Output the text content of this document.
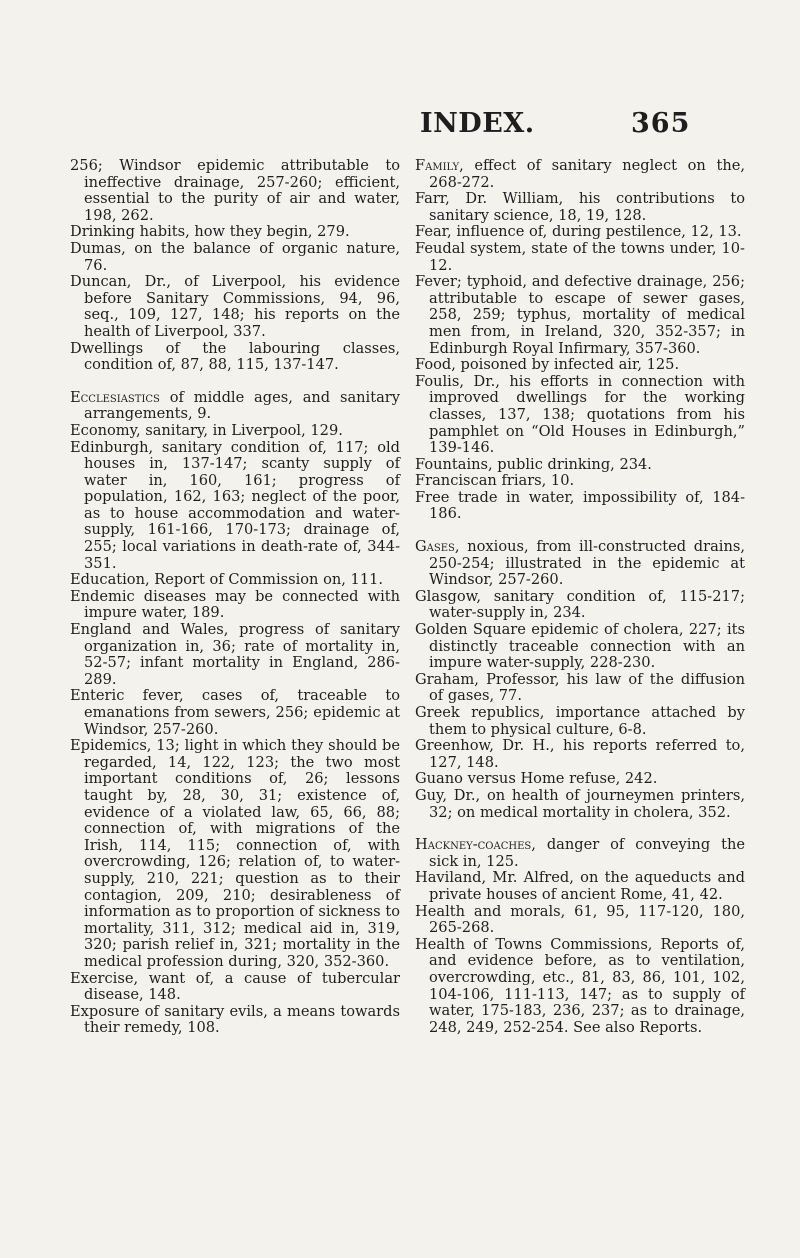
INDEX.	365

256; Windsor epidemic attributable to ineffective drainage, 257-260; efficient, essential to the purity of air and water, 198, 262.

Drinking habits, how they begin, 279.

Dumas, on the balance of organic nature, 76.

Duncan, Dr., of Liverpool, his evidence before Sanitary Commissions, 94, 96, seq., 109, 127, 148; his reports on the health of Liverpool, 337.

Dwellings of the labouring classes, condition of, 87, 88, 115, 137-147.

Ecclesiastics of middle ages, and sanitary arrangements, 9.

Economy, sanitary, in Liverpool, 129.

Edinburgh, sanitary condition of, 117; old houses in, 137-147; scanty supply of water in, 160, 161; progress of population, 162, 163; neglect of the poor, as to house accommodation and water-supply, 161-166, 170-173; drainage of, 255; local variations in death-rate of, 344-351.

Education, Report of Commission on, 111.

Endemic diseases may be connected with impure water, 189.

England and Wales, progress of sanitary organization in, 36; rate of mortality in, 52-57; infant mortality in England, 286-289.

Enteric fever, cases of, traceable to emanations from sewers, 256; epidemic at Windsor, 257-260.

Epidemics, 13; light in which they should be regarded, 14, 122, 123; the two most important conditions of, 26; lessons taught by, 28, 30, 31; existence of, evidence of a violated law, 65, 66, 88; connection of, with migrations of the Irish, 114, 115; connection of, with overcrowding, 126; relation of, to water-supply, 210, 221; question as to their contagion, 209, 210; desirableness of information as to proportion of sickness to mortality, 311, 312; medical aid in, 319, 320; parish relief in, 321; mortality in the medical profession during, 320, 352-360.

Exercise, want of, a cause of tubercular disease, 148.

Exposure of sanitary evils, a means towards their remedy, 108.

Family, effect of sanitary neglect on the, 268-272.

Farr, Dr. William, his contributions to sanitary science, 18, 19, 128.

Fear, influence of, during pestilence, 12, 13.

Feudal system, state of the towns under, 10-12.

Fever; typhoid, and defective drainage, 256; attributable to escape of sewer gases, 258, 259; typhus, mortality of medical men from, in Ireland, 320, 352-357; in Edinburgh Royal Infirmary, 357-360.

Food, poisoned by infected air, 125.

Foulis, Dr., his efforts in connection with improved dwellings for the working classes, 137, 138; quotations from his pamphlet on “Old Houses in Edinburgh,” 139-146.

Fountains, public drinking, 234.

Franciscan friars, 10.

Free trade in water, impossibility of, 184-186.

Gases, noxious, from ill-constructed drains, 250-254; illustrated in the epidemic at Windsor, 257-260.

Glasgow, sanitary condition of, 115-217; water-supply in, 234.

Golden Square epidemic of cholera, 227; its distinctly traceable connection with an impure water-supply, 228-230.

Graham, Professor, his law of the diffusion of gases, 77.

Greek republics, importance attached by them to physical culture, 6-8.

Greenhow, Dr. H., his reports referred to, 127, 148.

Guano versus Home refuse, 242.

Guy, Dr., on health of journeymen printers, 32; on medical mortality in cholera, 352.

Hackney-coaches, danger of conveying the sick in, 125.

Haviland, Mr. Alfred, on the aqueducts and private houses of ancient Rome, 41, 42.

Health and morals, 61, 95, 117-120, 180, 265-268.

Health of Towns Commissions, Reports of, and evidence before, as to ventilation, overcrowding, etc., 81, 83, 86, 101, 102, 104-106, 111-113, 147; as to supply of water, 175-183, 236, 237; as to drainage, 248, 249, 252-254. See also Reports.
